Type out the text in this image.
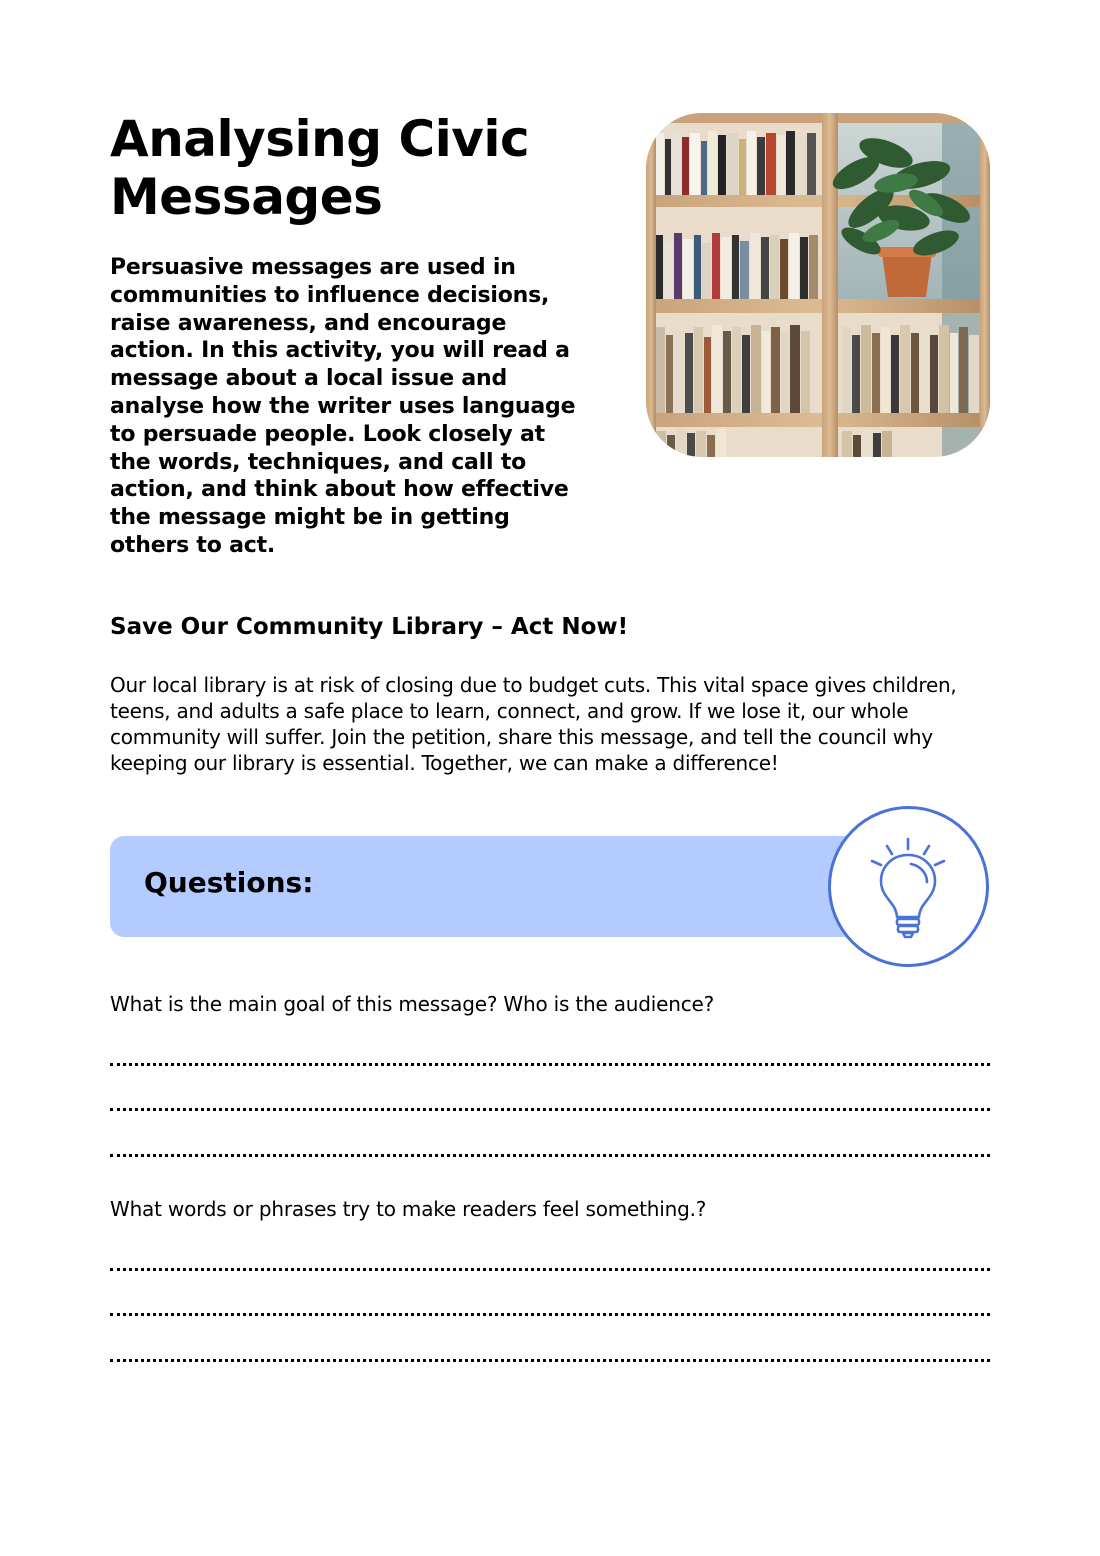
Analysing Civic Messages

Persuasive messages are used in communities to influence decisions, raise awareness, and encourage action. In this activity, you will read a message about a local issue and analyse how the writer uses language to persuade people. Look closely at the words, techniques, and call to action, and think about how effective the message might be in getting others to act.

Save Our Community Library – Act Now!

Our local library is at risk of closing due to budget cuts. This vital space gives children, teens, and adults a safe place to learn, connect, and grow. If we lose it, our whole community will suffer. Join the petition, share this message, and tell the council why keeping our library is essential. Together, we can make a difference!

Questions:

What is the main goal of this message? Who is the audience?

What words or phrases try to make readers feel something.?
